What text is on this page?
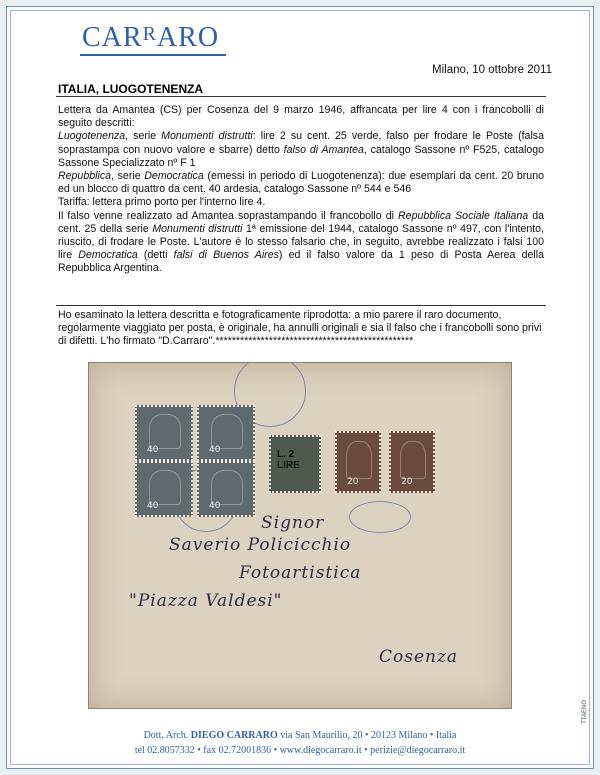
$CAR^RARO$
Milano, 10 ottobre 2011
ITALIA, LUOGOTENENZA

Lettera da Amantea (CS) per Cosenza del 9 marzo 1946, affrancata per lire 4 con i francobolli di seguito descritti:

Luogotenenza, serie Monumenti distrutti: lire 2 su cent. 25 verde, falso per frodare le Poste (falsa soprastampa con nuovo valore e sbarre) detto falso di Amantea, catalogo Sassone nº F525, catalogo Sassone Specializzato nº F 1

Repubblica, serie Democratica (emessi in periodo di Luogotenenza): due esemplari da cent. 20 bruno ed un blocco di quattro da cent. 40 ardesia, catalogo Sassone nº 544 e 546

Tariffa: lettera primo porto per l'interno lire 4.

Il falso venne realizzato ad Amantea soprastampando il francobollo di Repubblica Sociale Italiana da cent. 25 della serie Monumenti distrutti 1ª emissione del 1944, catalogo Sassone nº 497, con l'intento, riuscito, di frodare le Poste. L'autore è lo stesso falsario che, in seguito, avrebbe realizzato i falsi 100 lire Democratica (detti falsi di Buenos Aires) ed il falso valore da 1 peso di Posta Aerea della Repubblica Argentina.

Ho esaminato la lettera descritta e fotograficamente riprodotta: a mio parere il raro documento, regolarmente viaggiato per posta, è originale, ha annulli originali e sia il falso che i francobolli sono privi di difetti. L'ho firmato "D.Carraro".************************************************
40	40
40	40
L. 2 LIRE
20	20
Signor
Saverio Policicchio
Fotoartistica
"Piazza Valdesi"
Cosenza
TTAENO
Dott. Arch. DIEGO CARRARO via San Maurilio, 20 • 20123 Milano • Italia
tel 02.8057332 • fax 02.72001836 • www.diegocarraro.it • perizie@diegocarraro.it
